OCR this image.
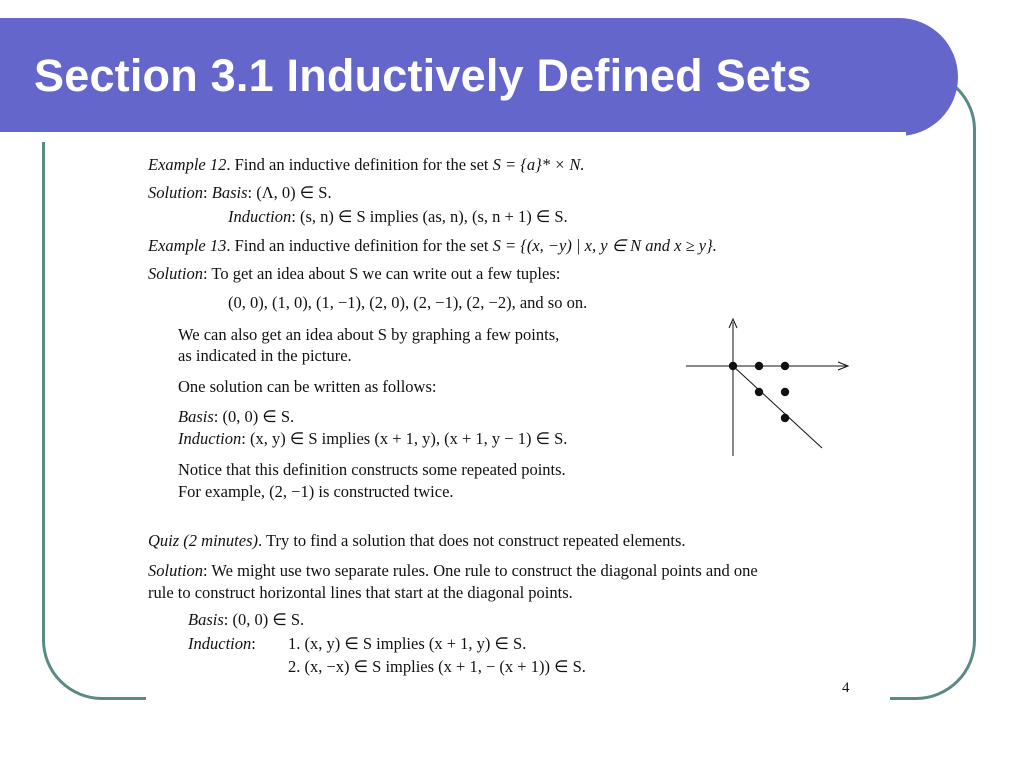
Section 3.1 Inductively Defined Sets
Example 12. Find an inductive definition for the set S = {a}* × N.
Solution: Basis: (Λ, 0) ∈ S.
Induction: (s, n) ∈ S implies (as, n), (s, n + 1) ∈ S.
Example 13. Find an inductive definition for the set S = {(x, −y) | x, y ∈ N and x ≥ y}.
Solution: To get an idea about S we can write out a few tuples:
(0, 0), (1, 0), (1, −1), (2, 0), (2, −1), (2, −2), and so on.
We can also get an idea about S by graphing a few points,
as indicated in the picture.
One solution can be written as follows:
Basis: (0, 0) ∈ S.
Induction: (x, y) ∈ S implies (x + 1, y), (x + 1, y − 1) ∈ S.
Notice that this definition constructs some repeated points.
For example, (2, −1) is constructed twice.
Quiz (2 minutes). Try to find a solution that does not construct repeated elements.
Solution: We might use two separate rules. One rule to construct the diagonal points and one
rule to construct horizontal lines that start at the diagonal points.
Basis: (0, 0) ∈ S.
Induction: 1. (x, y) ∈ S implies (x + 1, y) ∈ S.
2. (x, −x) ∈ S implies (x + 1, − (x + 1)) ∈ S.
4
